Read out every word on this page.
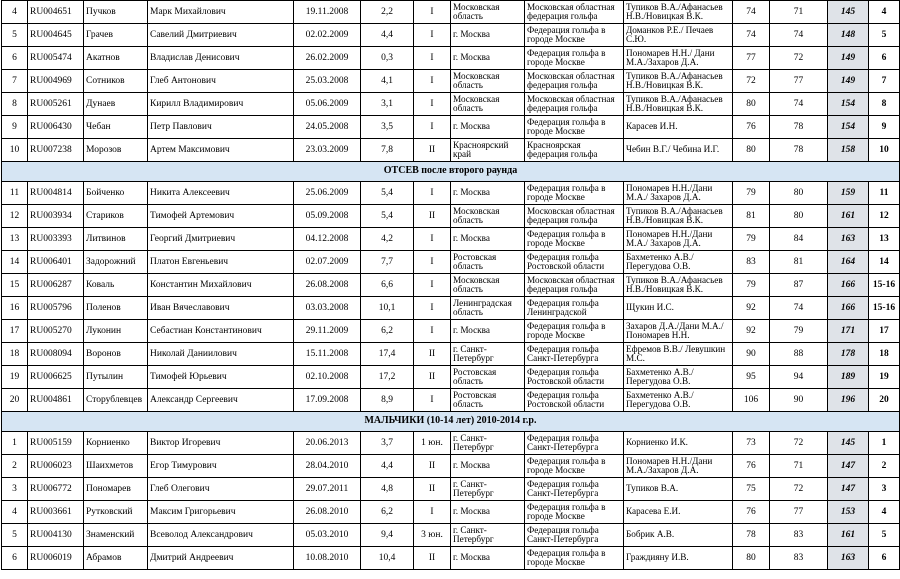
4	RU004651	Пучков	Марк Михайлович	19.11.2008	2,2	I	Московская область	Московская областная федерация гольфа	Тупиков В.А./Афанасьев Н.В./Новицкая В.К.	74	71	145	4
5	RU004645	Грачев	Савелий Дмитриевич	02.02.2009	4,4	I	г. Москва	Федерация гольфа в городе Москве	Доманков Р.Е./ Печаев С.Ю.	74	74	148	5
6	RU005474	Акатнов	Владислав Денисович	26.02.2009	0,3	I	г. Москва	Федерация гольфа в городе Москве	Пономарев Н.Н./ Дани М.А./Захаров Д.А.	77	72	149	6
7	RU004969	Сотников	Глеб Антонович	25.03.2008	4,1	I	Московская область	Московская областная федерация гольфа	Тупиков В.А./Афанасьев Н.В./Новицкая В.К.	72	77	149	7
8	RU005261	Дунаев	Кирилл Владимирович	05.06.2009	3,1	I	Московская область	Московская областная федерация гольфа	Тупиков В.А./Афанасьев Н.В./Новицкая В.К.	80	74	154	8
9	RU006430	Чебан	Петр Павлович	24.05.2008	3,5	I	г. Москва	Федерация гольфа в городе Москве	Карасев И.Н.	76	78	154	9
10	RU007238	Морозов	Артем Максимович	23.03.2009	7,8	II	Красноярский край	Красноярская федерация гольфа	Чебин В.Г./ Чебина И.Г.	80	78	158	10
ОТСЕВ после второго раунда													
11	RU004814	Бойченко	Никита Алексеевич	25.06.2009	5,4	I	г. Москва	Федерация гольфа в городе Москве	Пономарев Н.Н./Дани М.А./ Захаров Д.А.	79	80	159	11
12	RU003934	Стариков	Тимофей Артемович	05.09.2008	5,4	II	Московская область	Московская областная федерация гольфа	Тупиков В.А./Афанасьев Н.В./Новицкая В.К.	81	80	161	12
13	RU003393	Литвинов	Георгий Дмитриевич	04.12.2008	4,2	I	г. Москва	Федерация гольфа в городе Москве	Пономарев Н.Н./Дани М.А./ Захаров Д.А.	79	84	163	13
14	RU006401	Задорожний	Платон Евгеньевич	02.07.2009	7,7	I	Ростовская область	Федерация гольфа Ростовской области	Бахметенко А.В./ Перегудова О.В.	83	81	164	14
15	RU006287	Коваль	Константин Михайлович	26.08.2008	6,6	I	Московская область	Московская областная федерация гольфа	Тупиков В.А./Афанасьев Н.В./Новицкая В.К.	79	87	166	15-16
16	RU005796	Поленов	Иван Вячеславович	03.03.2008	10,1	I	Ленинградская область	Федерация гольфа Ленинградской	Щукин И.С.	92	74	166	15-16
17	RU005270	Луконин	Себастиан Константинович	29.11.2009	6,2	I	г. Москва	Федерация гольфа в городе Москве	Захаров Д.А./Дани М.А./Пономарев Н.Н.	92	79	171	17
18	RU008094	Воронов	Николай Даниилович	15.11.2008	17,4	II	г. Санкт-Петербург	Федерация гольфа Санкт-Петербурга	Ефремов В.В./ Левушкин М.С.	90	88	178	18
19	RU006625	Путылин	Тимофей Юрьевич	02.10.2008	17,2	II	Ростовская область	Федерация гольфа Ростовской области	Бахметенко А.В./ Перегудова О.В.	95	94	189	19
20	RU004861	Сторублевцев	Александр Сергеевич	17.09.2008	8,9	I	Ростовская область	Федерация гольфа Ростовской области	Бахметенко А.В./ Перегудова О.В.	106	90	196	20
МАЛЬЧИКИ (10-14 лет) 2010-2014 г.р.													
1	RU005159	Корниенко	Виктор Игоревич	20.06.2013	3,7	1 юн.	г. Санкт-Петербург	Федерация гольфа Санкт-Петербурга	Корниенко И.К.	73	72	145	1
2	RU006023	Шаихметов	Егор Тимурович	28.04.2010	4,4	II	г. Москва	Федерация гольфа в городе Москве	Пономарев Н.Н./Дани М.А./Захаров Д.А.	76	71	147	2
3	RU006772	Пономарев	Глеб Олегович	29.07.2011	4,8	II	г. Санкт-Петербург	Федерация гольфа Санкт-Петербурга	Тупиков В.А.	75	72	147	3
4	RU003661	Рутковский	Максим Григорьевич	26.08.2010	6,2	I	г. Москва	Федерация гольфа в городе Москве	Карасева Е.И.	76	77	153	4
5	RU004130	Знаменский	Всеволод Александрович	05.03.2010	9,4	3 юн.	г. Санкт-Петербург	Федерация гольфа Санкт-Петербурга	Бобрик А.В.	78	83	161	5
6	RU006019	Абрамов	Дмитрий Андреевич	10.08.2010	10,4	II	г. Москва	Федерация гольфа в городе Москве	Граждияну И.В.	80	83	163	6
